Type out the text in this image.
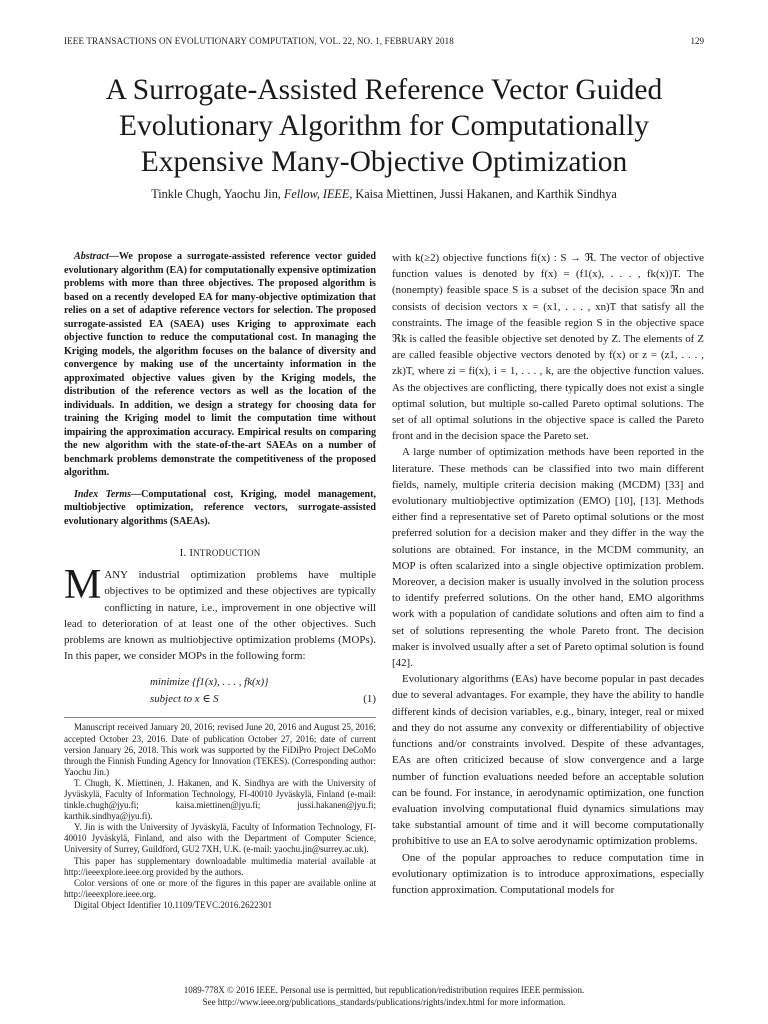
IEEE TRANSACTIONS ON EVOLUTIONARY COMPUTATION, VOL. 22, NO. 1, FEBRUARY 2018	129
A Surrogate-Assisted Reference Vector Guided
Evolutionary Algorithm for Computationally
Expensive Many-Objective Optimization
Tinkle Chugh, Yaochu Jin, Fellow, IEEE, Kaisa Miettinen, Jussi Hakanen, and Karthik Sindhya

Abstract—We propose a surrogate-assisted reference vector guided evolutionary algorithm (EA) for computationally expensive optimization problems with more than three objectives. The proposed algorithm is based on a recently developed EA for many-objective optimization that relies on a set of adaptive reference vectors for selection. The proposed surrogate-assisted EA (SAEA) uses Kriging to approximate each objective function to reduce the computational cost. In managing the Kriging models, the algorithm focuses on the balance of diversity and convergence by making use of the uncertainty information in the approximated objective values given by the Kriging models, the distribution of the reference vectors as well as the location of the individuals. In addition, we design a strategy for choosing data for training the Kriging model to limit the computation time without impairing the approximation accuracy. Empirical results on comparing the new algorithm with the state-of-the-art SAEAs on a number of benchmark problems demonstrate the competitiveness of the proposed algorithm.

Index Terms—Computational cost, Kriging, model management, multiobjective optimization, reference vectors, surrogate-assisted evolutionary algorithms (SAEAs).

I. INTRODUCTION

MANY industrial optimization problems have multiple objectives to be optimized and these objectives are typically conflicting in nature, i.e., improvement in one objective will lead to deterioration of at least one of the other objectives. Such problems are known as multiobjective optimization problems (MOPs). In this paper, we consider MOPs in the following form:

minimize {f1(x), . . . , fk(x)}
subject to x ∈ S	(1)

Manuscript received January 20, 2016; revised June 20, 2016 and August 25, 2016; accepted October 23, 2016. Date of publication October 27, 2016; date of current version January 26, 2018. This work was supported by the FiDiPro Project DeCoMo through the Finnish Funding Agency for Innovation (TEKES). (Corresponding author: Yaochu Jin.)

T. Chugh, K. Miettinen, J. Hakanen, and K. Sindhya are with the University of Jyväskylä, Faculty of Information Technology, FI-40010 Jyväskylä, Finland (e-mail: tinkle.chugh@jyu.fi; kaisa.miettinen@jyu.fi; jussi.hakanen@jyu.fi; karthik.sindhya@jyu.fi).

Y. Jin is with the University of Jyväskylä, Faculty of Information Technology, FI-40010 Jyväskylä, Finland, and also with the Department of Computer Science, University of Surrey, Guildford, GU2 7XH, U.K. (e-mail: yaochu.jin@surrey.ac.uk).

This paper has supplementary downloadable multimedia material available at http://ieeexplore.ieee.org provided by the authors.

Color versions of one or more of the figures in this paper are available online at http://ieeexplore.ieee.org.

Digital Object Identifier 10.1109/TEVC.2016.2622301

with k(≥2) objective functions fi(x) : S → ℜ. The vector of objective function values is denoted by f(x) = (f1(x), . . . , fk(x))T. The (nonempty) feasible space S is a subset of the decision space ℜn and consists of decision vectors x = (x1, . . . , xn)T that satisfy all the constraints. The image of the feasible region S in the objective space ℜk is called the feasible objective set denoted by Z. The elements of Z are called feasible objective vectors denoted by f(x) or z = (z1, . . . , zk)T, where zi = fi(x), i = 1, . . . , k, are the objective function values. As the objectives are conflicting, there typically does not exist a single optimal solution, but multiple so-called Pareto optimal solutions. The set of all optimal solutions in the objective space is called the Pareto front and in the decision space the Pareto set.

A large number of optimization methods have been reported in the literature. These methods can be classified into two main different fields, namely, multiple criteria decision making (MCDM) [33] and evolutionary multiobjective optimization (EMO) [10], [13]. Methods either find a representative set of Pareto optimal solutions or the most preferred solution for a decision maker and they differ in the way the solutions are obtained. For instance, in the MCDM community, an MOP is often scalarized into a single objective optimization problem. Moreover, a decision maker is usually involved in the solution process to identify preferred solutions. On the other hand, EMO algorithms work with a population of candidate solutions and often aim to find a set of solutions representing the whole Pareto front. The decision maker is involved usually after a set of Pareto optimal solution is found [42].

Evolutionary algorithms (EAs) have become popular in past decades due to several advantages. For example, they have the ability to handle different kinds of decision variables, e.g., binary, integer, real or mixed and they do not assume any convexity or differentiability of objective functions and/or constraints involved. Despite of these advantages, EAs are often criticized because of slow convergence and a large number of function evaluations needed before an acceptable solution can be found. For instance, in aerodynamic optimization, one function evaluation involving computational fluid dynamics simulations may take substantial amount of time and it will become computationally prohibitive to use an EA to solve aerodynamic optimization problems.

One of the popular approaches to reduce computation time in evolutionary optimization is to introduce approximations, especially function approximation. Computational models for

1089-778X © 2016 IEEE. Personal use is permitted, but republication/redistribution requires IEEE permission.
See http://www.ieee.org/publications_standards/publications/rights/index.html for more information.
